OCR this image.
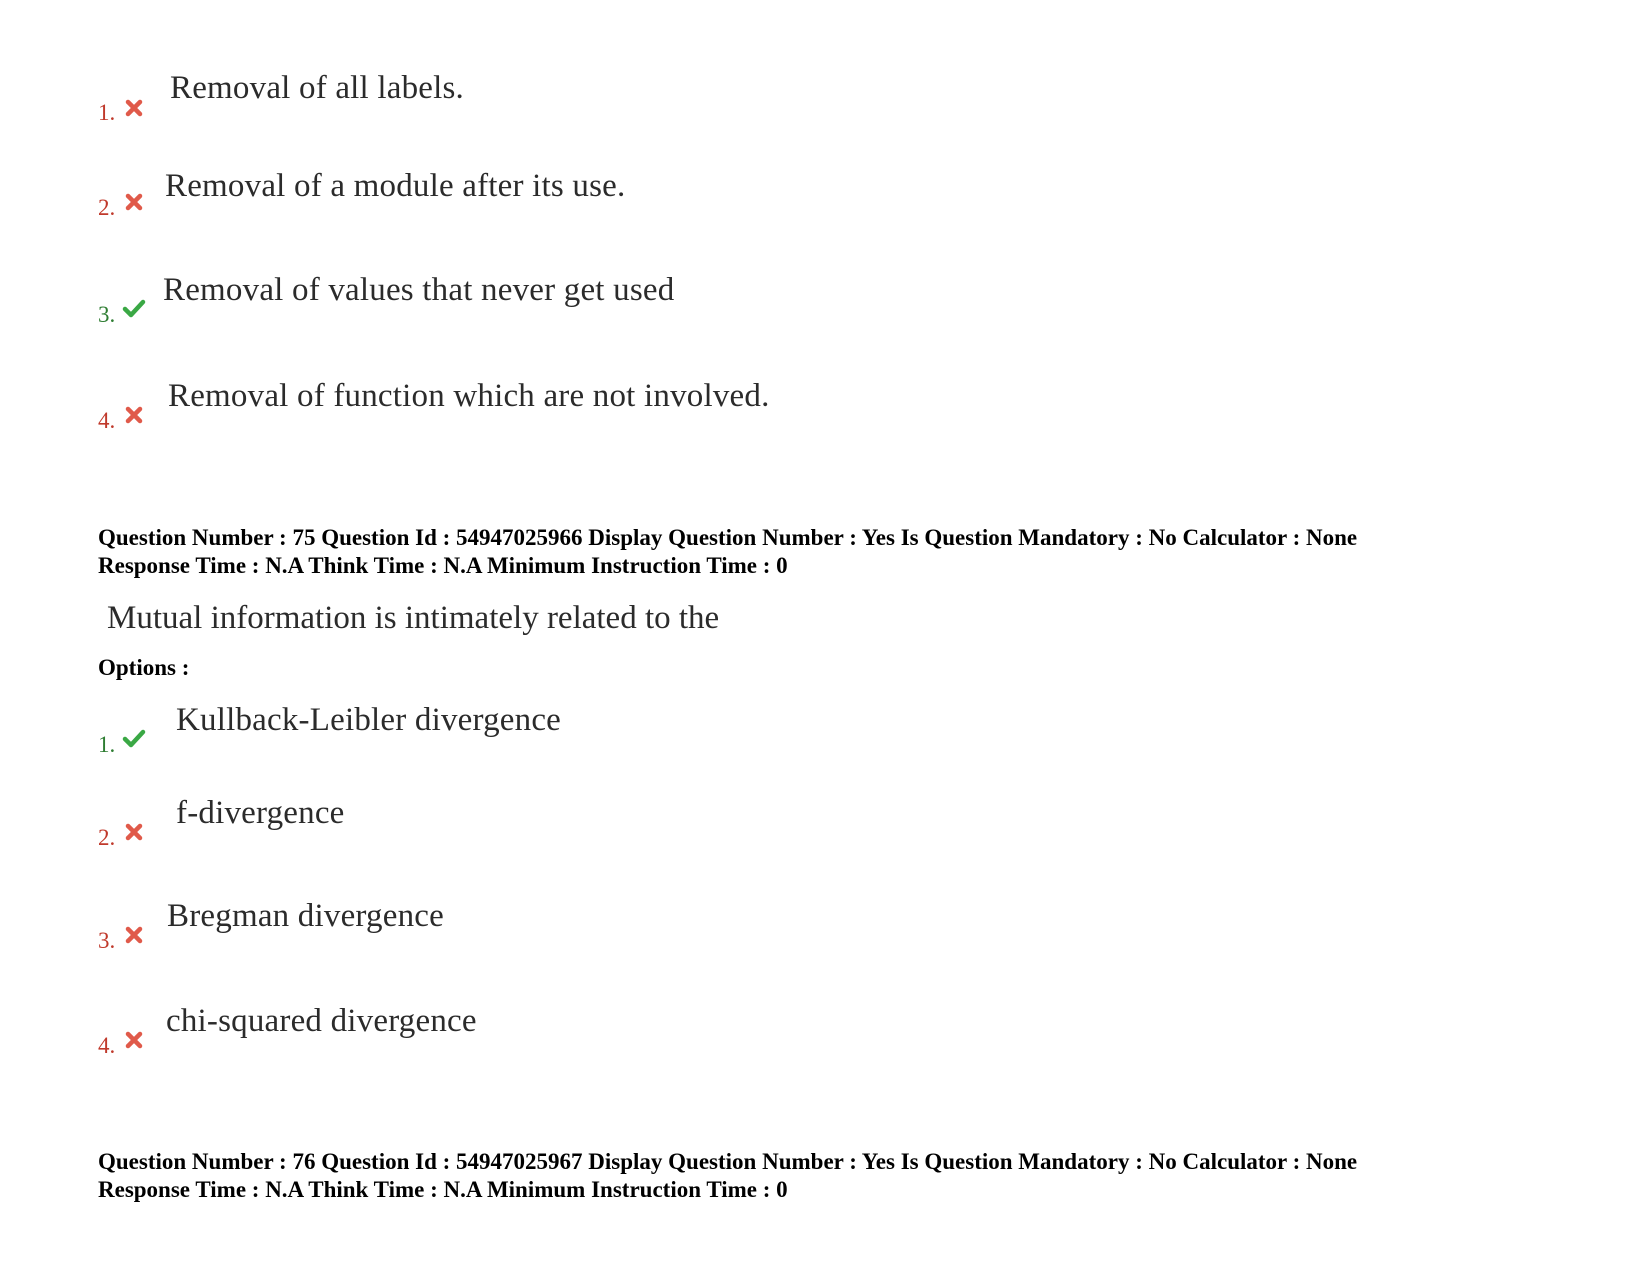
1.
Removal of all labels.
2.
Removal of a module after its use.
3.
Removal of values that never get used
4.
Removal of function which are not involved.
Question Number : 75 Question Id : 54947025966 Display Question Number : Yes Is Question Mandatory : No Calculator : None
Response Time : N.A Think Time : N.A Minimum Instruction Time : 0
Mutual information is intimately related to the
Options :
1.
Kullback-Leibler divergence
2.
f-divergence
3.
Bregman divergence
4.
chi-squared divergence
Question Number : 76 Question Id : 54947025967 Display Question Number : Yes Is Question Mandatory : No Calculator : None
Response Time : N.A Think Time : N.A Minimum Instruction Time : 0
